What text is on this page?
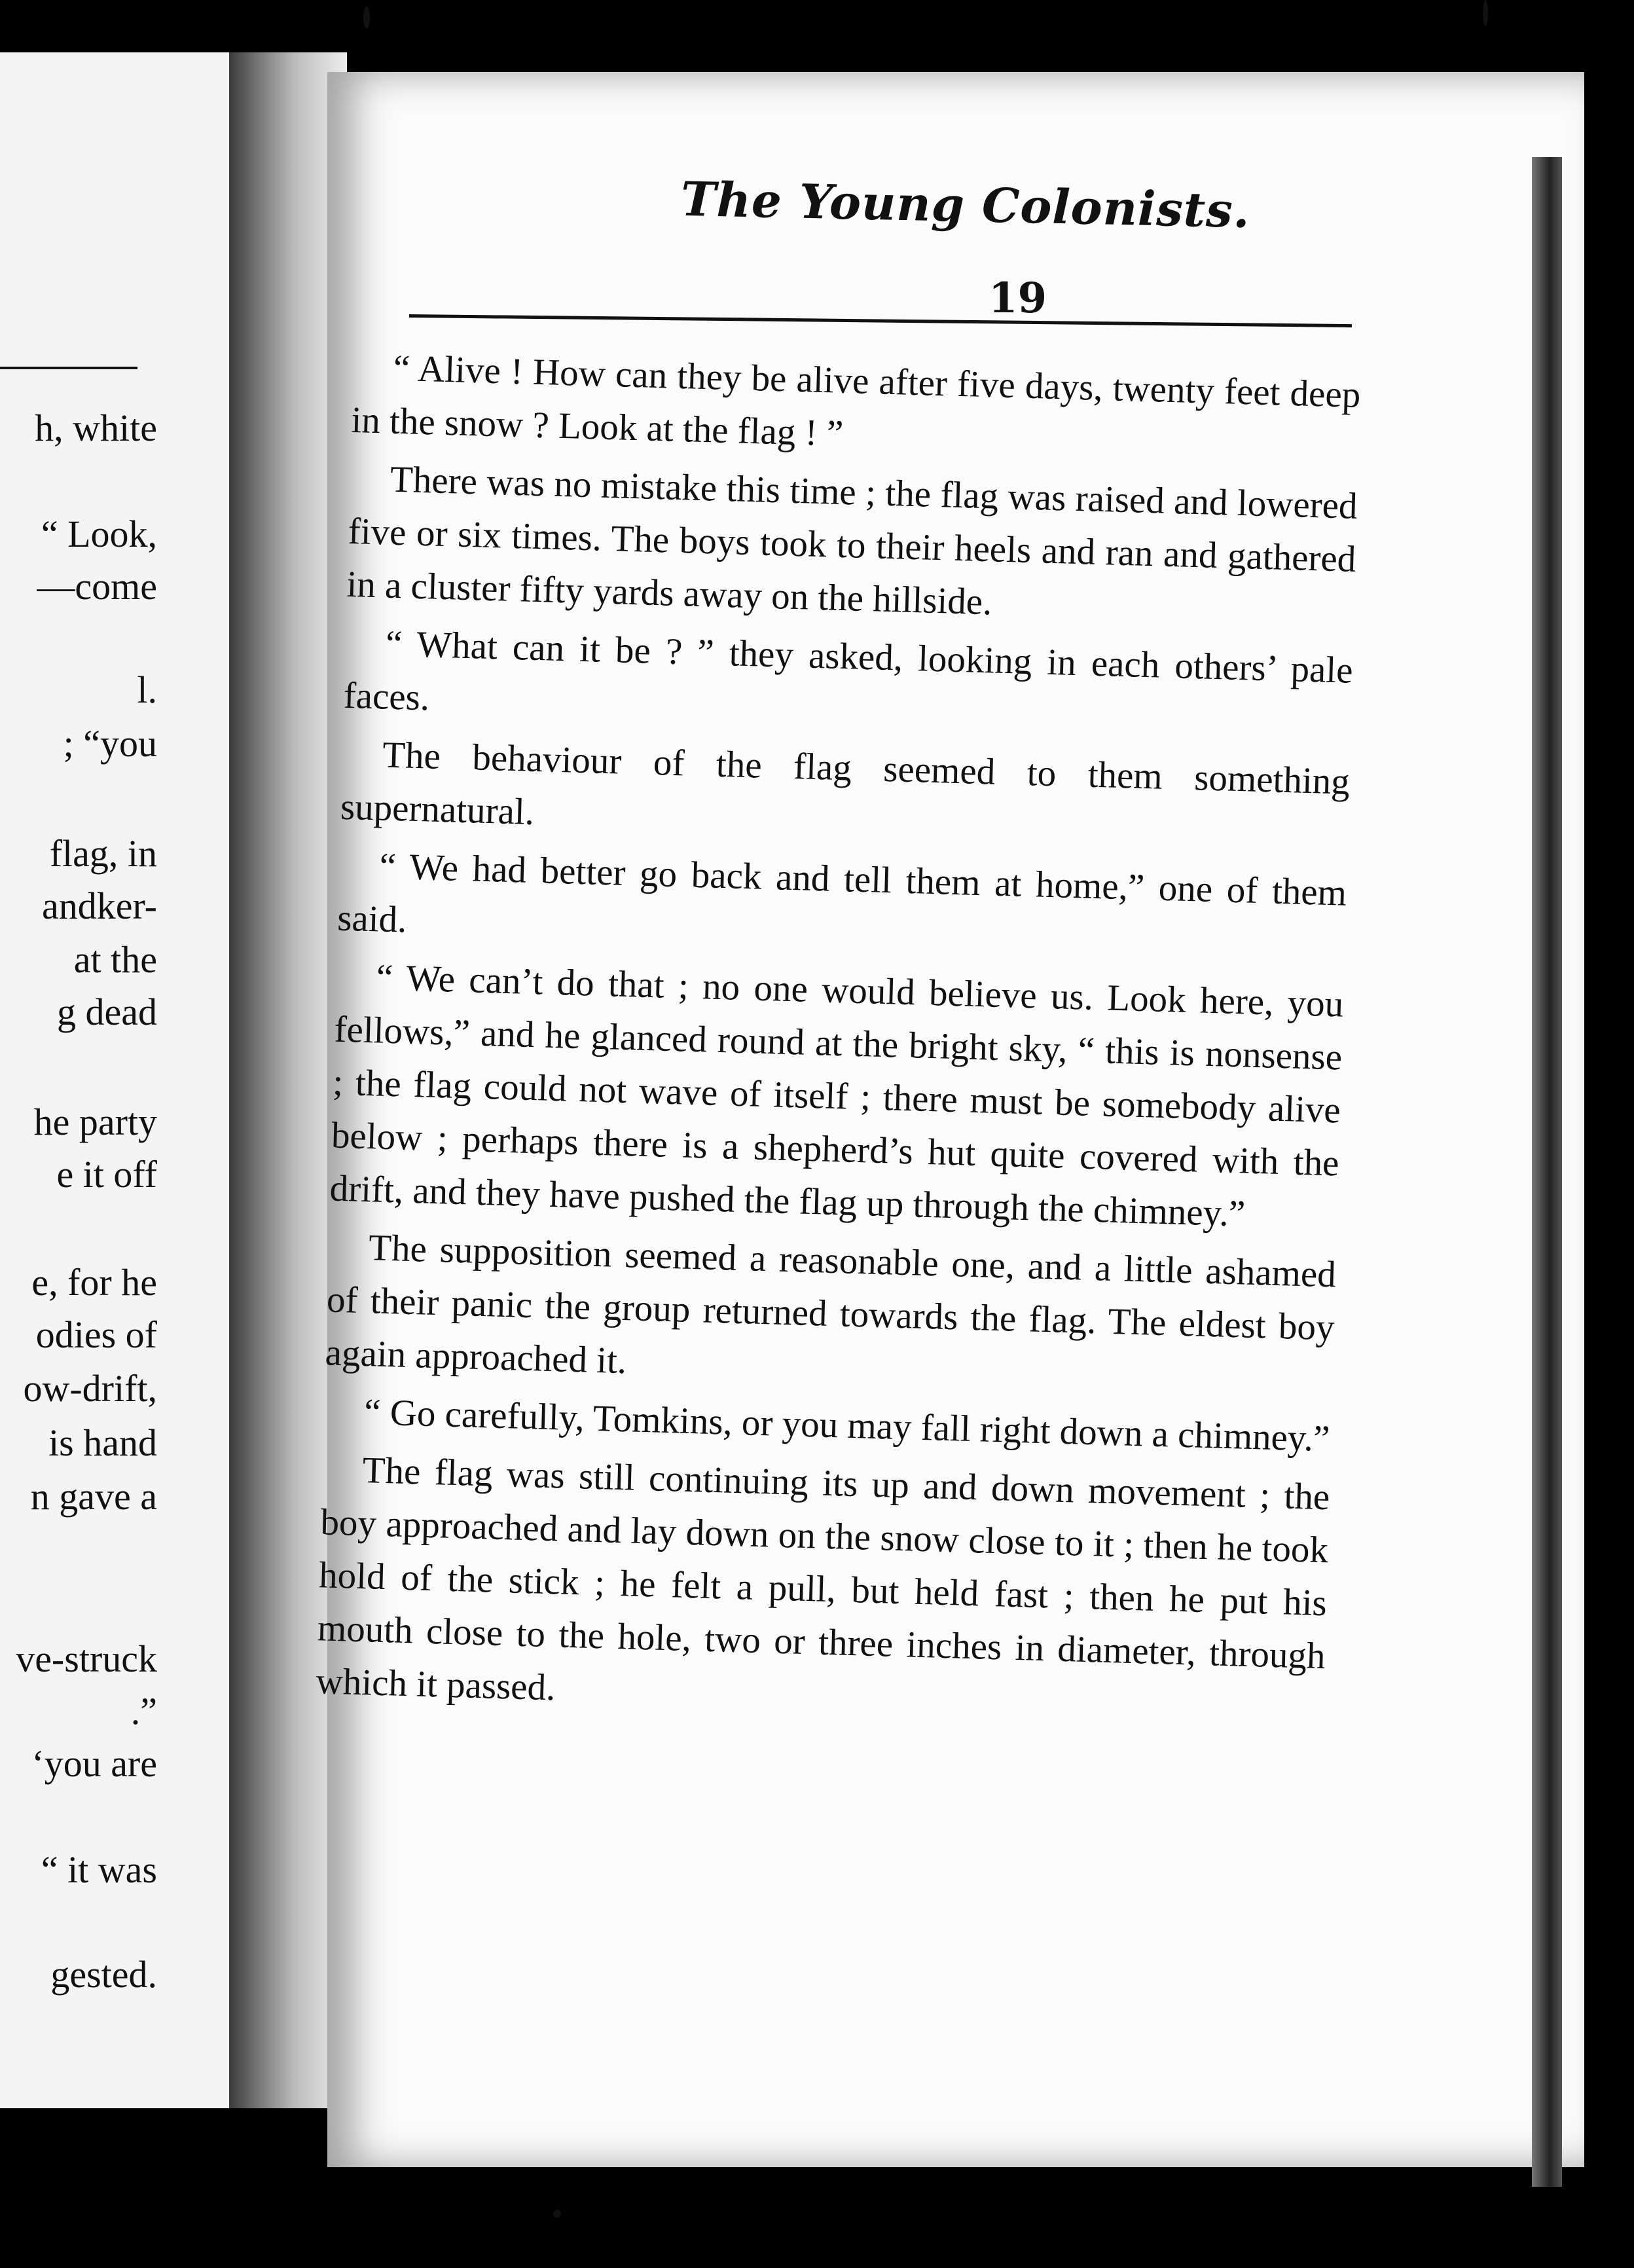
h, white
“ Look,
—come
l.
; “you
flag, in
andker-
at the
g dead
he party
e it off
e, for he
odies of
ow-drift,
is hand
n gave a
ve-struck
.”
‘you are
“ it was
gested.
The Young Colonists.
19

“ Alive ! How can they be alive after five days, twenty feet deep in the snow ? Look at the flag ! ”

There was no mistake this time ; the flag was raised and lowered five or six times. The boys took to their heels and ran and gathered in a cluster fifty yards away on the hillside.

“ What can it be ? ” they asked, looking in each others’ pale faces.

The behaviour of the flag seemed to them something supernatural.

“ We had better go back and tell them at home,” one of them said.

“ We can’t do that ; no one would believe us. Look here, you fellows,” and he glanced round at the bright sky, “ this is nonsense ; the flag could not wave of itself ; there must be somebody alive below ; perhaps there is a shepherd’s hut quite covered with the drift, and they have pushed the flag up through the chimney.”

The supposition seemed a reasonable one, and a little ashamed of their panic the group returned towards the flag. The eldest boy again approached it.

“ Go carefully, Tomkins, or you may fall right down a chimney.”

The flag was still continuing its up and down movement ; the boy approached and lay down on the snow close to it ; then he took hold of the stick ; he felt a pull, but held fast ; then he put his mouth close to the hole, two or three inches in diameter, through which it passed.
